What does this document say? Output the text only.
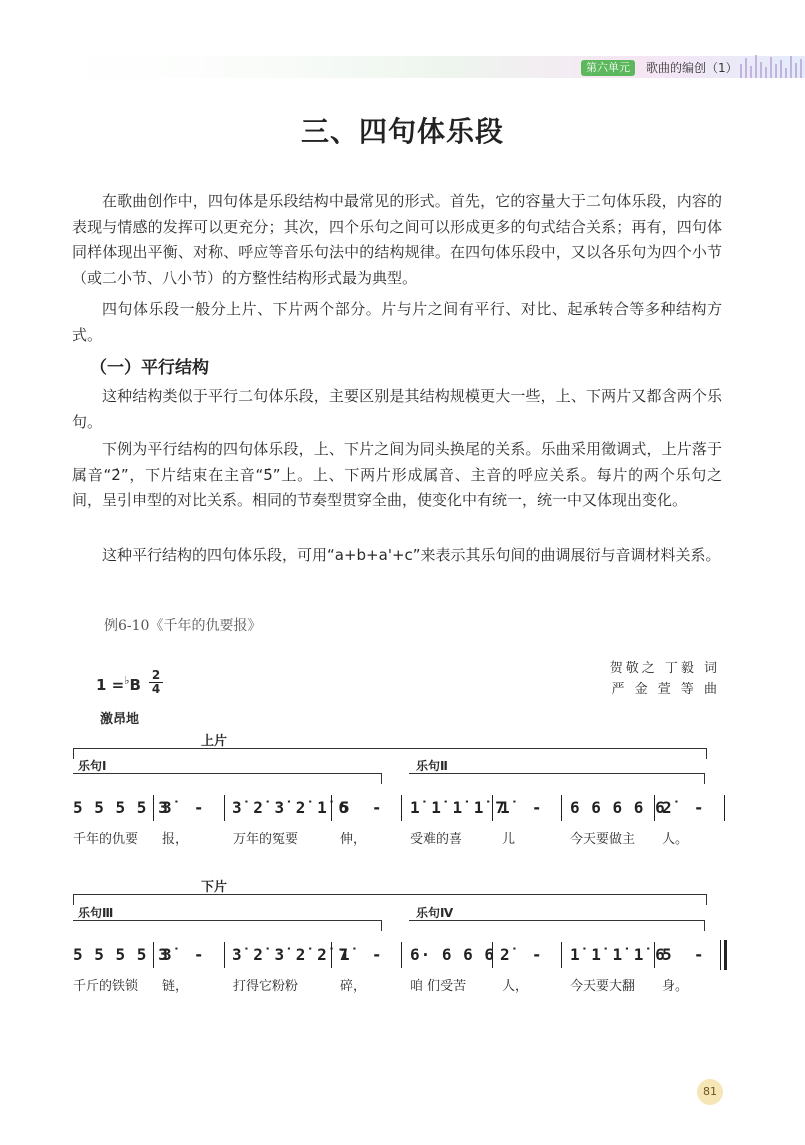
第六单元	歌曲的编创（1）
三、四句体乐段

在歌曲创作中，四句体是乐段结构中最常见的形式。首先，它的容量大于二句体乐段，内容的表现与情感的发挥可以更充分；其次，四个乐句之间可以形成更多的句式结合关系；再有，四句体同样体现出平衡、对称、呼应等音乐句法中的结构规律。在四句体乐段中，又以各乐句为四个小节（或二小节、八小节）的方整性结构形式最为典型。

四句体乐段一般分上片、下片两个部分。片与片之间有平行、对比、起承转合等多种结构方式。

（一）平行结构

这种结构类似于平行二句体乐段，主要区别是其结构规模更大一些，上、下两片又都含两个乐句。

下例为平行结构的四句体乐段，上、下片之间为同头换尾的关系。乐曲采用徵调式，上片落于属音“2̇”，下片结束在主音“5̇”上。上、下两片形成属音、主音的呼应关系。每片的两个乐句之间，呈引申型的对比关系。相同的节奏型贯穿全曲，使变化中有统一，统一中又体现出变化。

这种平行结构的四句体乐段，可用“a+b+a'+c”来表示其乐句间的曲调展衍与音调材料关系。

例6-10《千年的仇要报》
1 =♭B
2
4
贺敬之 丁毅 词
严 金 萱 等 曲
激昂地
上片
乐句Ⅰ	乐句Ⅱ
5 5 5 5 3
3̇  - 3̇ 2̇ 3̇ 2̇ 1̇ 6
5  - 1̇ 1̇ 1̇ 1̇ 7
1̇  - 6 6 6 6 6
2̇  -
千年的仇要 报，	万年的冤要	伸，	受难的喜	儿	今天要做主 人。
下片
乐句Ⅲ	乐句Ⅳ
5 5 5 5 3
3̇  - 3̇ 2̇ 3̇ 2̇ 2̇ 7
1̇  - 6· 6 6 6 2̇  - 1̇ 1̇ 1̇ 1̇ 6
5  -
千斤的铁锁 链，	打得它粉粉	碎，	咱 们受苦	人，	今天要大翻 身。
81
